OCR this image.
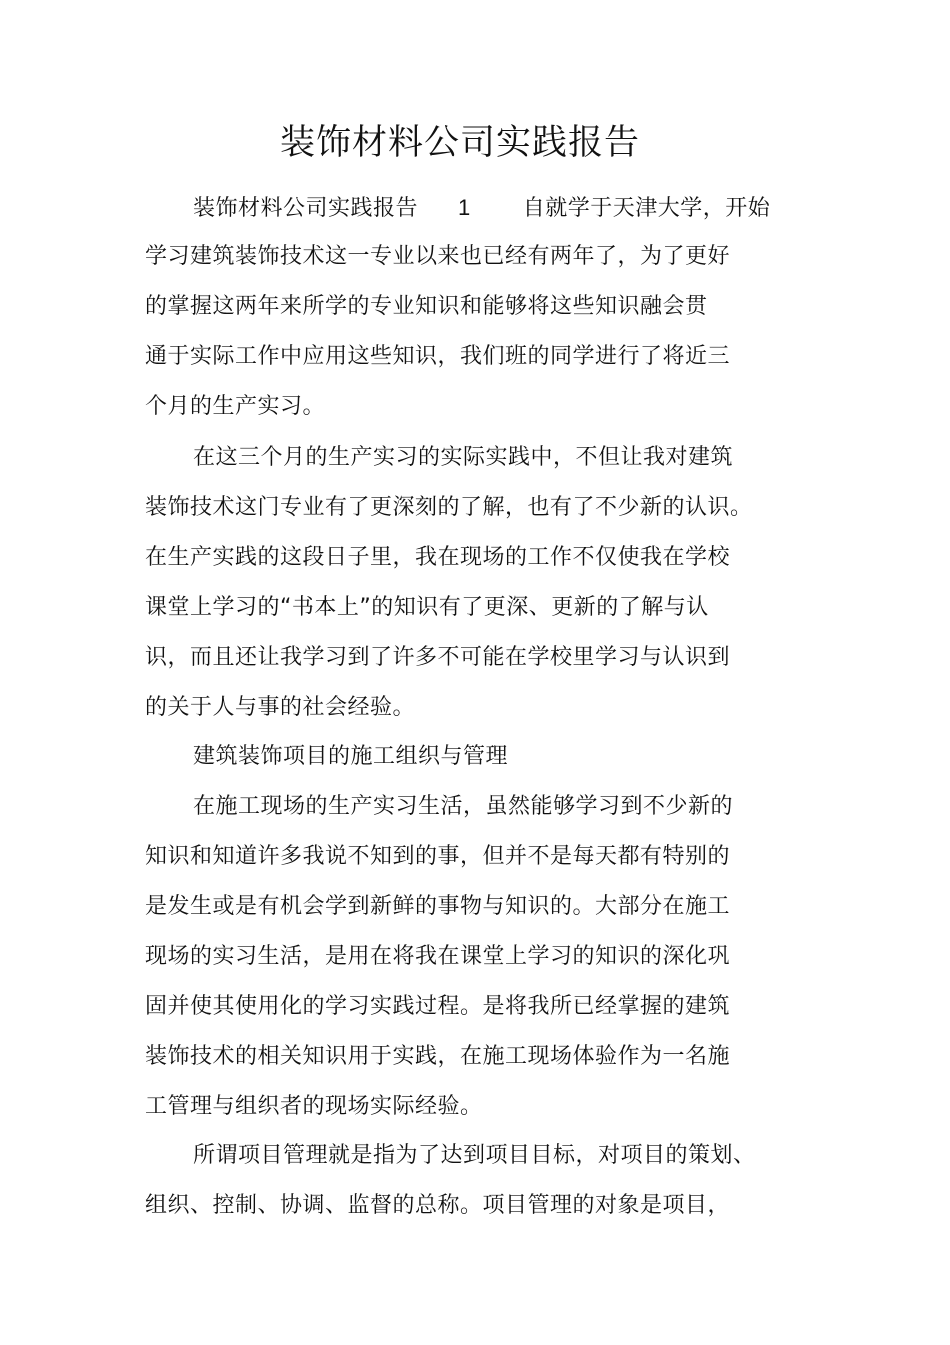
装饰材料公司实践报告
装饰材料公司实践报告 1 自就学于天津大学，开始
学习建筑装饰技术这一专业以来也已经有两年了，为了更好
的掌握这两年来所学的专业知识和能够将这些知识融会贯
通于实际工作中应用这些知识，我们班的同学进行了将近三
个月的生产实习。
在这三个月的生产实习的实际实践中，不但让我对建筑
装饰技术这门专业有了更深刻的了解，也有了不少新的认识。
在生产实践的这段日子里，我在现场的工作不仅使我在学校
课堂上学习的“书本上”的知识有了更深、更新的了解与认
识，而且还让我学习到了许多不可能在学校里学习与认识到
的关于人与事的社会经验。
建筑装饰项目的施工组织与管理
在施工现场的生产实习生活，虽然能够学习到不少新的
知识和知道许多我说不知到的事，但并不是每天都有特别的
是发生或是有机会学到新鲜的事物与知识的。大部分在施工
现场的实习生活，是用在将我在课堂上学习的知识的深化巩
固并使其使用化的学习实践过程。是将我所已经掌握的建筑
装饰技术的相关知识用于实践，在施工现场体验作为一名施
工管理与组织者的现场实际经验。
所谓项目管理就是指为了达到项目目标，对项目的策划、
组织、控制、协调、监督的总称。项目管理的对象是项目，
